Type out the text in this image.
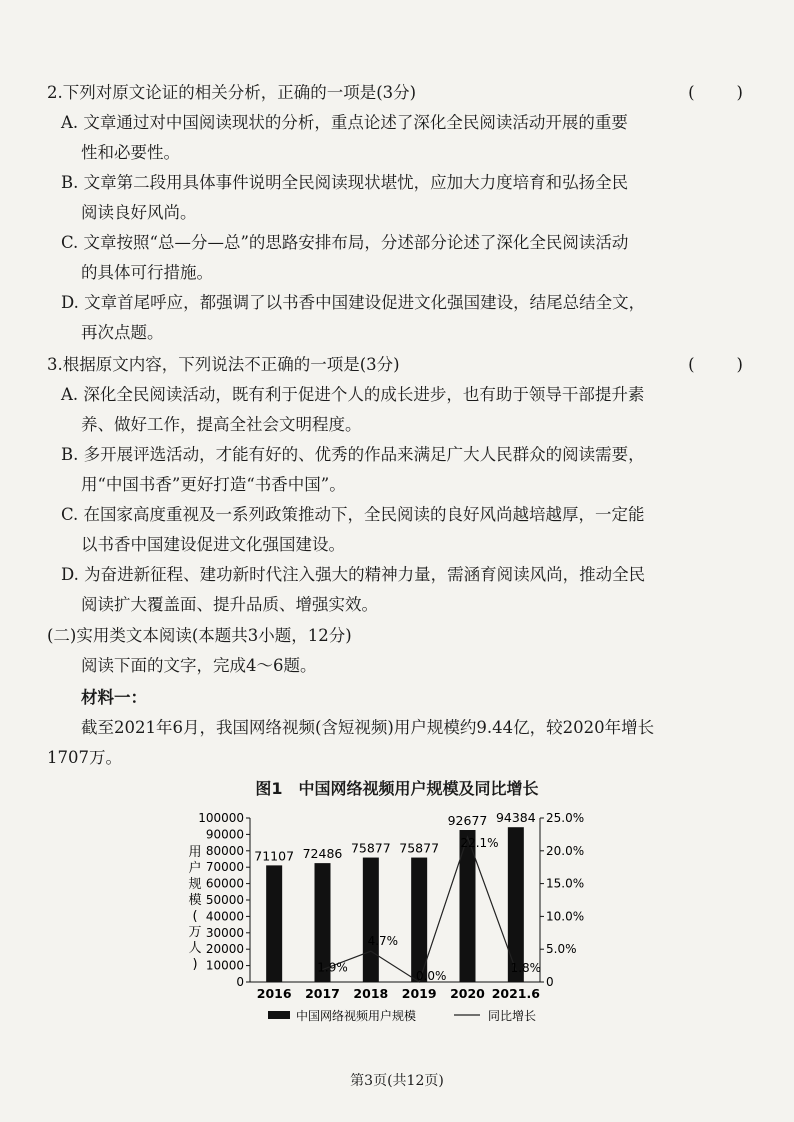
2.下列对原文论证的相关分析，正确的一项是(3分)	(        )
A. 文章通过对中国阅读现状的分析，重点论述了深化全民阅读活动开展的重要
性和必要性。
B. 文章第二段用具体事件说明全民阅读现状堪忧，应加大力度培育和弘扬全民
阅读良好风尚。
C. 文章按照“总—分—总”的思路安排布局，分述部分论述了深化全民阅读活动
的具体可行措施。
D. 文章首尾呼应，都强调了以书香中国建设促进文化强国建设，结尾总结全文，
再次点题。
3.根据原文内容，下列说法不正确的一项是(3分)	(        )
A. 深化全民阅读活动，既有利于促进个人的成长进步，也有助于领导干部提升素
养、做好工作，提高全社会文明程度。
B. 多开展评选活动，才能有好的、优秀的作品来满足广大人民群众的阅读需要，
用“中国书香”更好打造“书香中国”。
C. 在国家高度重视及一系列政策推动下，全民阅读的良好风尚越培越厚，一定能
以书香中国建设促进文化强国建设。
D. 为奋进新征程、建功新时代注入强大的精神力量，需涵育阅读风尚，推动全民
阅读扩大覆盖面、提升品质、增强实效。
(二)实用类文本阅读(本题共3小题，12分)
阅读下面的文字，完成4～6题。
材料一：
截至2021年6月，我国网络视频(含短视频)用户规模约9.44亿，较2020年增长
1707万。
图1　中国网络视频用户规模及同比增长
0
10000
20000
30000
40000
50000
60000
70000
80000
90000
100000
0
5.0%
10.0%
15.0%
20.0%
25.0%
用
户
规
模
(
万
人
)
71107 72486 75877 75877
92677 94384
2016 2017 2018 2019 2020 2021.6
1.9%
4.7%
0.0%
22.1%
1.8%
中国网络视频用户规模	同比增长
第3页(共12页)
